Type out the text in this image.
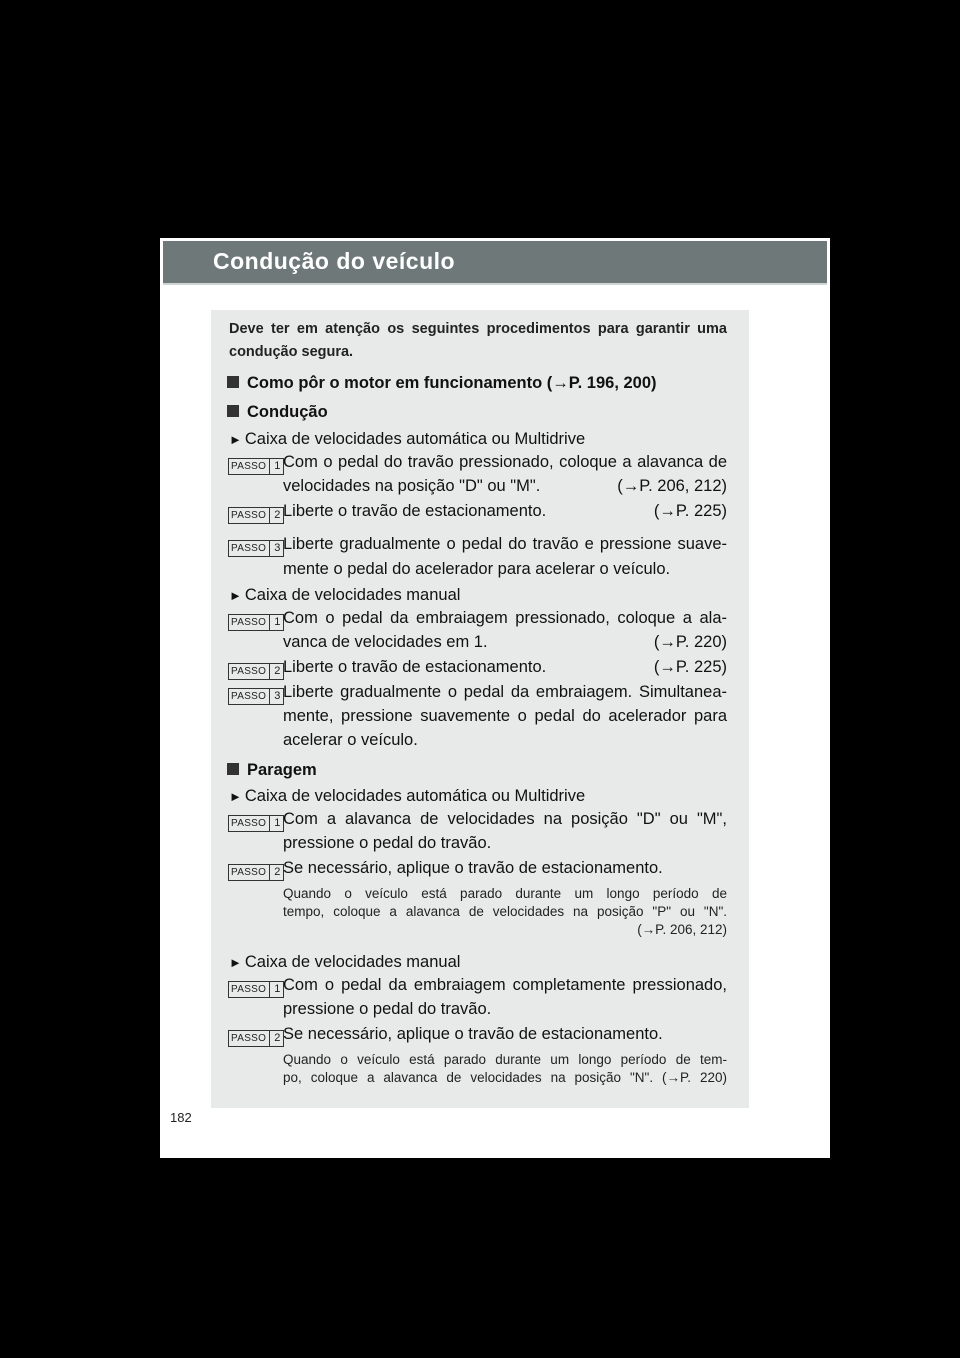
Condução do veículo
Deve ter em atenção os seguintes procedimentos para garantir uma
condução segura.
Como pôr o motor em funcionamento (→P. 196, 200)
Condução
► Caixa de velocidades automática ou Multidrive
PASSO 1 Com o pedal do travão pressionado, coloque a alavanca de
velocidades na posição "D" ou "M".	(→P. 206, 212)
PASSO 2 Liberte o travão de estacionamento.	(→P. 225)
PASSO 3 Liberte gradualmente o pedal do travão e pressione suave-
mente o pedal do acelerador para acelerar o veículo.
► Caixa de velocidades manual
PASSO 1 Com o pedal da embraiagem pressionado, coloque a ala-
vanca de velocidades em 1.	(→P. 220)
PASSO 2 Liberte o travão de estacionamento.	(→P. 225)
PASSO 3 Liberte gradualmente o pedal da embraiagem. Simultanea-
mente, pressione suavemente o pedal do acelerador para
acelerar o veículo.
Paragem
► Caixa de velocidades automática ou Multidrive
PASSO 1 Com a alavanca de velocidades na posição "D" ou "M",
pressione o pedal do travão.
PASSO 2 Se necessário, aplique o travão de estacionamento.
Quando o veículo está parado durante um longo período de
tempo, coloque a alavanca de velocidades na posição "P" ou "N".
(→P. 206, 212)
► Caixa de velocidades manual
PASSO 1 Com o pedal da embraiagem completamente pressionado,
pressione o pedal do travão.
PASSO 2 Se necessário, aplique o travão de estacionamento.
Quando o veículo está parado durante um longo período de tem-
po, coloque a alavanca de velocidades na posição "N". (→P. 220)
182
